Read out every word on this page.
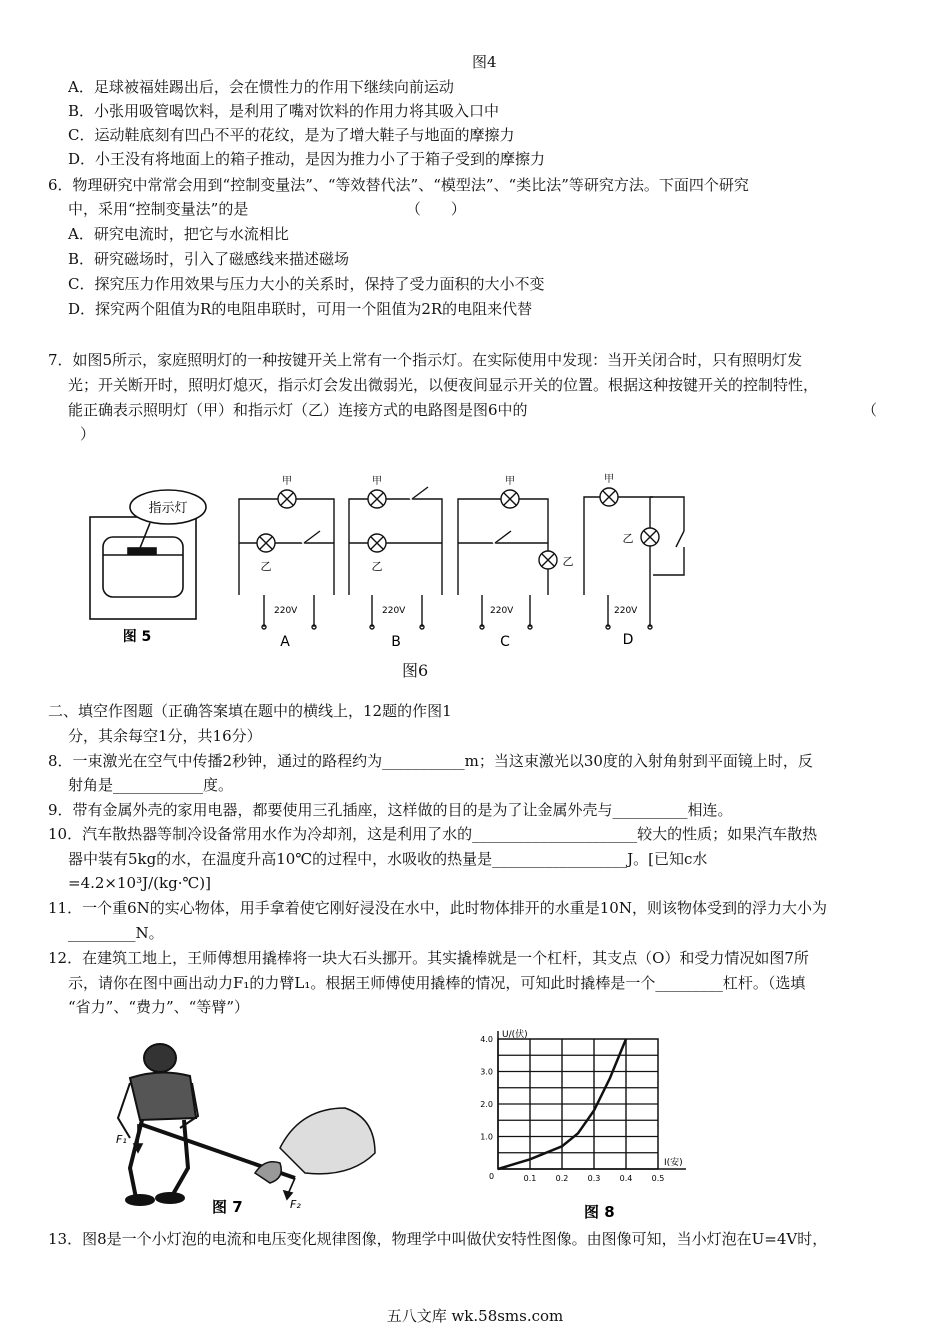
图4
A．足球被福娃踢出后，会在惯性力的作用下继续向前运动
B．小张用吸管喝饮料，是利用了嘴对饮料的作用力将其吸入口中
C．运动鞋底刻有凹凸不平的花纹，是为了增大鞋子与地面的摩擦力
D．小王没有将地面上的箱子推动，是因为推力小了于箱子受到的摩擦力
6．物理研究中常常会用到“控制变量法”、“等效替代法”、“模型法”、“类比法”等研究方法。下面四个研究
中，采用“控制变量法”的是　　　　　　　　　　　（　　）
A．研究电流时，把它与水流相比
B．研究磁场时，引入了磁感线来描述磁场
C．探究压力作用效果与压力大小的关系时，保持了受力面积的大小不变
D．探究两个阻值为R的电阻串联时，可用一个阻值为2R的电阻来代替
7．如图5所示，家庭照明灯的一种按键开关上常有一个指示灯。在实际使用中发现：当开关闭合时，只有照明灯发
光；开关断开时，照明灯熄灭，指示灯会发出微弱光，以便夜间显示开关的位置。根据这种按键开关的控制特性，
能正确表示照明灯（甲）和指示灯（乙）连接方式的电路图是图6中的	（
）
指示灯
图 5
甲
乙
220V
A
甲
乙
220V
B
甲
乙
220V
C
甲
乙
220V
D
图6
二、填空作图题（正确答案填在题中的横线上，12题的作图1
分，其余每空1分，共16分）
8．一束激光在空气中传播2秒钟，通过的路程约为___________m；当这束激光以30度的入射角射到平面镜上时，反
射角是____________度。
9．带有金属外壳的家用电器，都要使用三孔插座，这样做的目的是为了让金属外壳与__________相连。
10．汽车散热器等制冷设备常用水作为冷却剂，这是利用了水的______________________较大的性质；如果汽车散热
器中装有5kg的水，在温度升高10℃的过程中，水吸收的热量是__________________J。[已知c水
=4.2×10³J/(kg·℃)]
11．一个重6N的实心物体，用手拿着使它刚好浸没在水中，此时物体排开的水重是10N，则该物体受到的浮力大小为
_________N。
12．在建筑工地上，王师傅想用撬棒将一块大石头挪开。其实撬棒就是一个杠杆，其支点（O）和受力情况如图7所
示，请你在图中画出动力F₁的力臂L₁。根据王师傅使用撬棒的情况，可知此时撬棒是一个_________杠杆。（选填
“省力”、“费力”、“等臂”）
F₁
F₂
图 7
0.1 0.2 0.3 0.4 0.5
1.0
2.0
3.0
4.0 U/(伏)
I(安)
0
图 8
13．图8是一个小灯泡的电流和电压变化规律图像，物理学中叫做伏安特性图像。由图像可知，当小灯泡在U=4V时，
五八文库 wk.58sms.com
